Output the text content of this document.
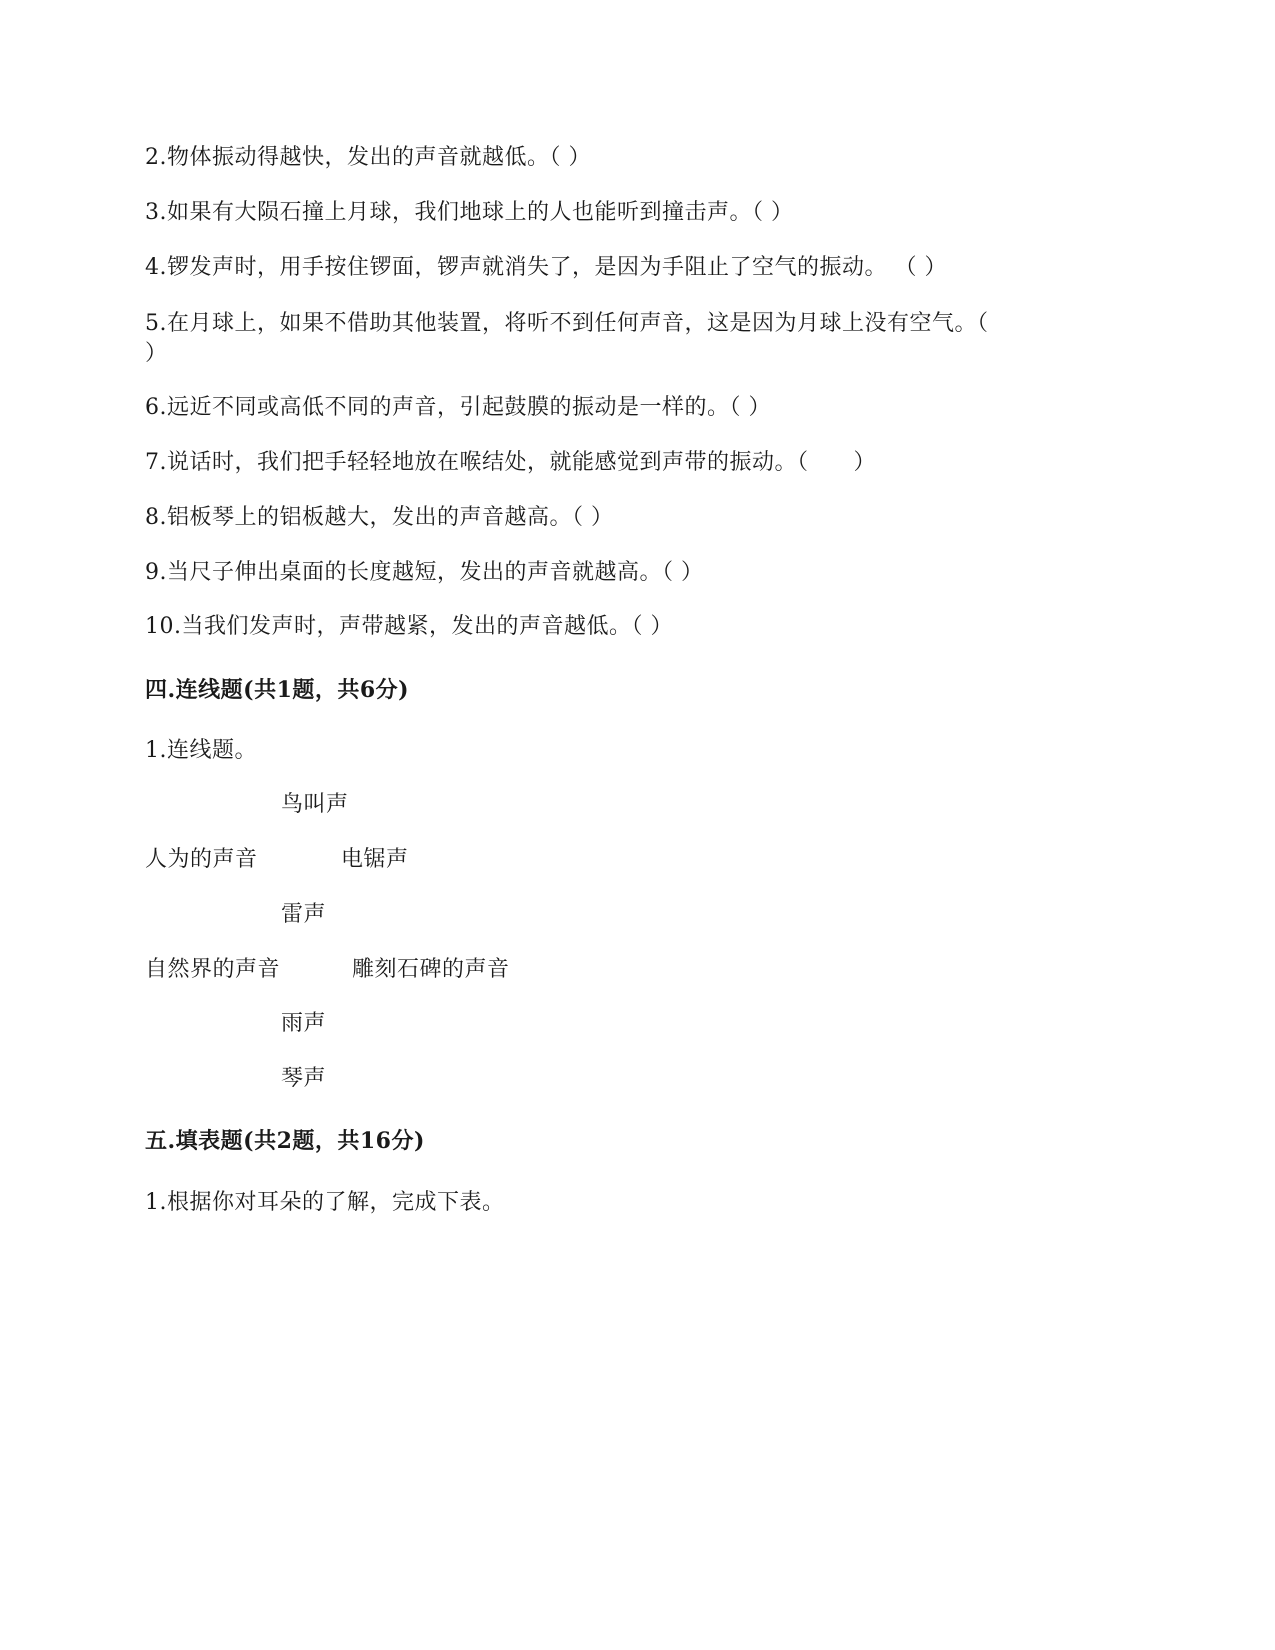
2.物体振动得越快，发出的声音就越低。（ ）
3.如果有大陨石撞上月球，我们地球上的人也能听到撞击声。（ ）
4.锣发声时，用手按住锣面，锣声就消失了，是因为手阻止了空气的振动。 （ ）
5.在月球上，如果不借助其他装置，将听不到任何声音，这是因为月球上没有空气。（
）
6.远近不同或高低不同的声音，引起鼓膜的振动是一样的。（ ）
7.说话时，我们把手轻轻地放在喉结处，就能感觉到声带的振动。（　　）
8.铝板琴上的铝板越大，发出的声音越高。（ ）
9.当尺子伸出桌面的长度越短，发出的声音就越高。（ ）
10.当我们发声时，声带越紧，发出的声音越低。（ ）
四.连线题(共1题，共6分)
1.连线题。
鸟叫声
人为的声音	电锯声
雷声
自然界的声音	雕刻石碑的声音
雨声
琴声
五.填表题(共2题，共16分)
1.根据你对耳朵的了解，完成下表。
